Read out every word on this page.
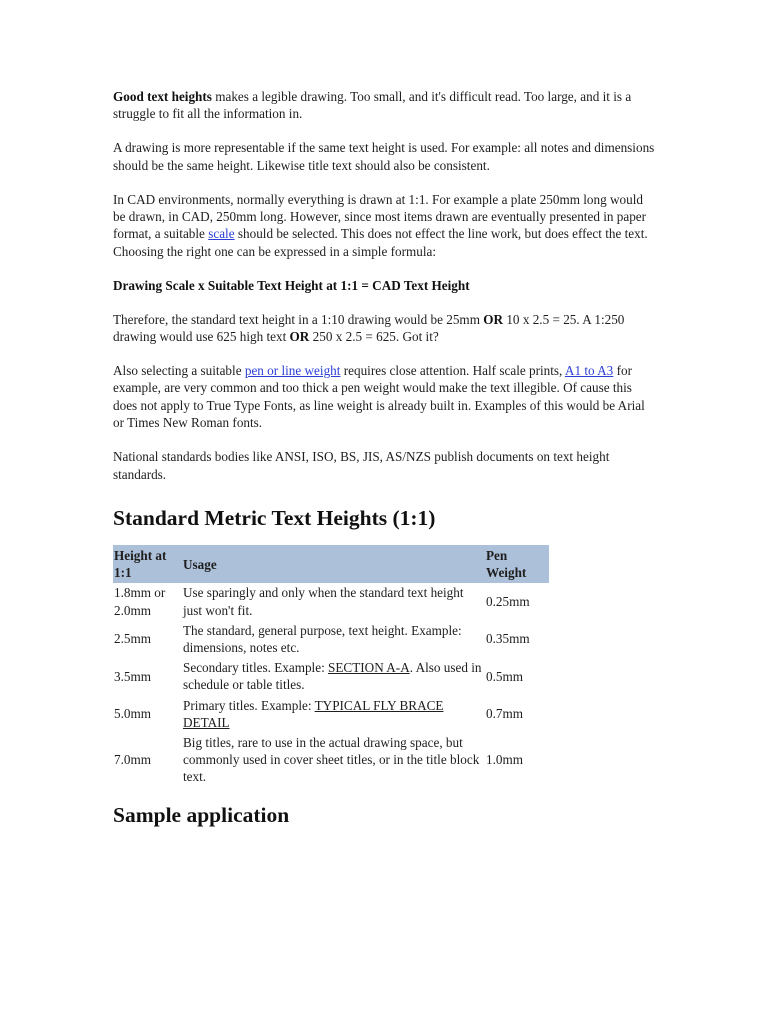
Good text heights makes a legible drawing. Too small, and it's difficult read. Too large, and it is a struggle to fit all the information in.

A drawing is more representable if the same text height is used. For example: all notes and dimensions should be the same height. Likewise title text should also be consistent.

In CAD environments, normally everything is drawn at 1:1. For example a plate 250mm long would be drawn, in CAD, 250mm long. However, since most items drawn are eventually presented in paper format, a suitable scale should be selected. This does not effect the line work, but does effect the text. Choosing the right one can be expressed in a simple formula:

Drawing Scale x Suitable Text Height at 1:1 = CAD Text Height

Therefore, the standard text height in a 1:10 drawing would be 25mm OR 10 x 2.5 = 25. A 1:250 drawing would use 625 high text OR 250 x 2.5 = 625. Got it?

Also selecting a suitable pen or line weight requires close attention. Half scale prints, A1 to A3 for example, are very common and too thick a pen weight would make the text illegible. Of cause this does not apply to True Type Fonts, as line weight is already built in. Examples of this would be Arial or Times New Roman fonts.

National standards bodies like ANSI, ISO, BS, JIS, AS/NZS publish documents on text height standards.

Standard Metric Text Heights (1:1)
Height at 1:1	Usage	Pen Weight
1.8mm or 2.0mm	Use sparingly and only when the standard text height just won't fit.	0.25mm
2.5mm	The standard, general purpose, text height. Example: dimensions, notes etc.	0.35mm
3.5mm	Secondary titles. Example: SECTION A-A. Also used in schedule or table titles.	0.5mm
5.0mm	Primary titles. Example: TYPICAL FLY BRACE DETAIL	0.7mm
7.0mm	Big titles, rare to use in the actual drawing space, but commonly used in cover sheet titles, or in the title block text.	1.0mm
Sample application
